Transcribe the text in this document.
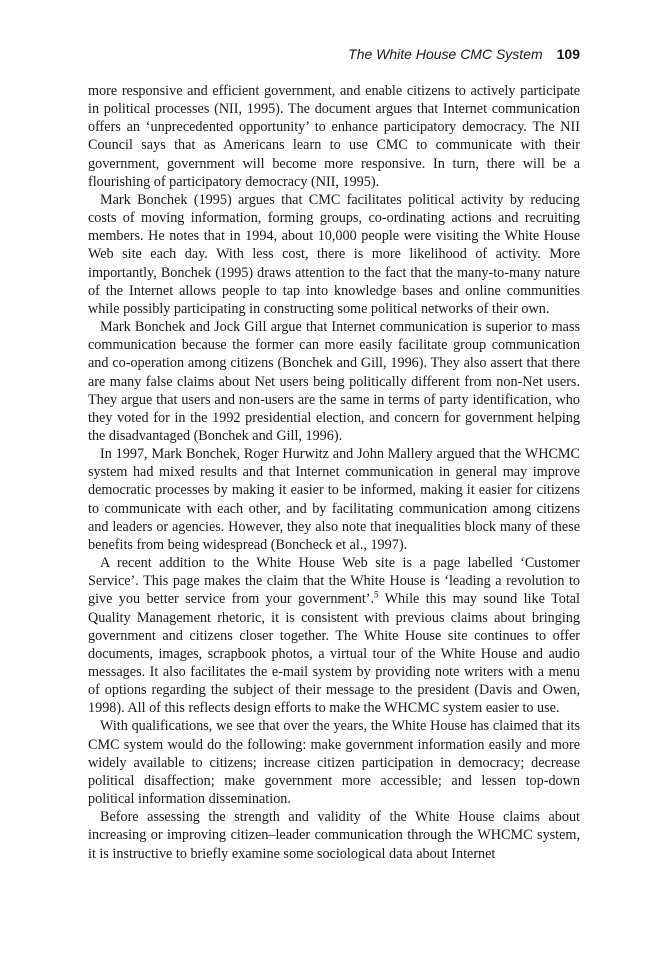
The White House CMC System 109

more responsive and efficient government, and enable citizens to actively participate in political processes (NII, 1995). The document argues that Internet communication offers an ‘unprecedented opportunity’ to enhance participatory democracy. The NII Council says that as Americans learn to use CMC to communicate with their government, government will become more responsive. In turn, there will be a flourishing of participatory democracy (NII, 1995).

Mark Bonchek (1995) argues that CMC facilitates political activity by reducing costs of moving information, forming groups, co-ordinating actions and recruiting members. He notes that in 1994, about 10,000 people were visiting the White House Web site each day. With less cost, there is more likelihood of activity. More importantly, Bonchek (1995) draws attention to the fact that the many-to-many nature of the Internet allows people to tap into knowledge bases and online communities while possibly participating in constructing some political networks of their own.

Mark Bonchek and Jock Gill argue that Internet communication is superior to mass communication because the former can more easily facilitate group communication and co-operation among citizens (Bonchek and Gill, 1996). They also assert that there are many false claims about Net users being politically different from non-Net users. They argue that users and non-users are the same in terms of party identification, who they voted for in the 1992 presidential election, and concern for government helping the disadvantaged (Bonchek and Gill, 1996).

In 1997, Mark Bonchek, Roger Hurwitz and John Mallery argued that the WHCMC system had mixed results and that Internet communication in general may improve democratic processes by making it easier to be informed, making it easier for citizens to communicate with each other, and by facilitating communication among citizens and leaders or agencies. However, they also note that inequalities block many of these benefits from being widespread (Boncheck et al., 1997).

A recent addition to the White House Web site is a page labelled ‘Customer Service’. This page makes the claim that the White House is ‘leading a revolution to give you better service from your government’.$^5$ While this may sound like Total Quality Management rhetoric, it is consistent with previous claims about bringing government and citizens closer together. The White House site continues to offer documents, images, scrapbook photos, a virtual tour of the White House and audio messages. It also facilitates the e-mail system by providing note writers with a menu of options regarding the subject of their message to the president (Davis and Owen, 1998). All of this reflects design efforts to make the WHCMC system easier to use.

With qualifications, we see that over the years, the White House has claimed that its CMC system would do the following: make government information easily and more widely available to citizens; increase citizen participation in democracy; decrease political disaffection; make government more accessible; and lessen top-down political information dissemination.

Before assessing the strength and validity of the White House claims about increasing or improving citizen–leader communication through the WHCMC system, it is instructive to briefly examine some sociological data about Internet
